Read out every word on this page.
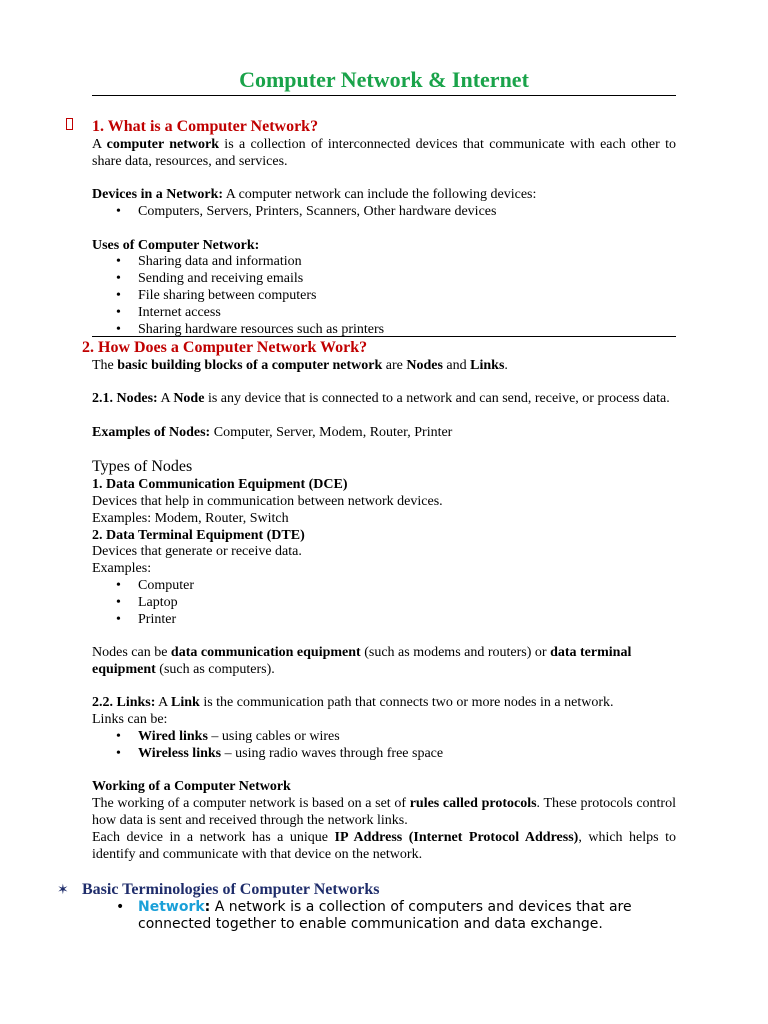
Computer Network & Internet
1. What is a Computer Network?
A computer network is a collection of interconnected devices that communicate with each other to share data, resources, and services.
Devices in a Network: A computer network can include the following devices:
• Computers, Servers, Printers, Scanners, Other hardware devices
Uses of Computer Network:
• Sharing data and information
• Sending and receiving emails
• File sharing between computers
• Internet access
• Sharing hardware resources such as printers
2. How Does a Computer Network Work?
The basic building blocks of a computer network are Nodes and Links.
2.1. Nodes: A Node is any device that is connected to a network and can send, receive, or process data.
Examples of Nodes: Computer, Server, Modem, Router, Printer
Types of Nodes
1. Data Communication Equipment (DCE)
Devices that help in communication between network devices.
Examples: Modem, Router, Switch
2. Data Terminal Equipment (DTE)
Devices that generate or receive data.
Examples:
• Computer
• Laptop
• Printer
Nodes can be data communication equipment (such as modems and routers) or data terminal equipment (such as computers).
2.2. Links: A Link is the communication path that connects two or more nodes in a network.
Links can be:
• Wired links – using cables or wires
• Wireless links – using radio waves through free space
Working of a Computer Network
The working of a computer network is based on a set of rules called protocols. These protocols control how data is sent and received through the network links.
Each device in a network has a unique IP Address (Internet Protocol Address), which helps to identify and communicate with that device on the network.
✶ Basic Terminologies of Computer Networks
• Network: A network is a collection of computers and devices that are connected together to enable communication and data exchange.
